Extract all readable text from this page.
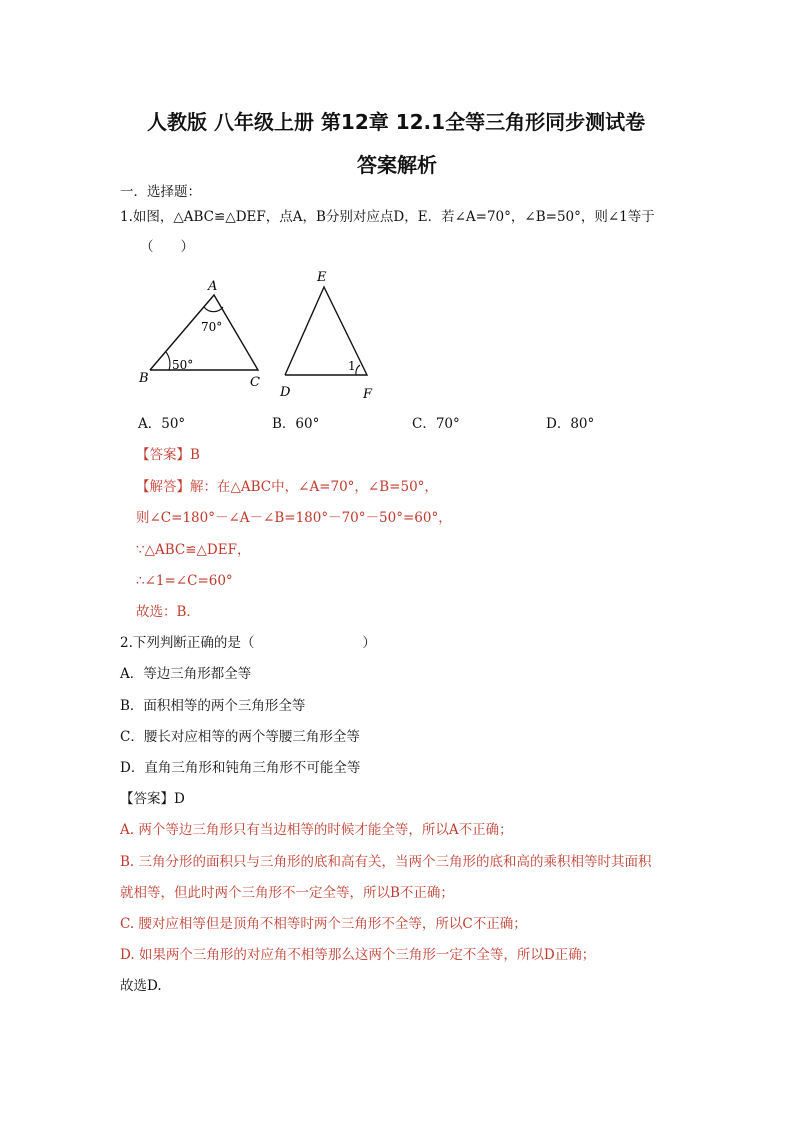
人教版 八年级上册 第12章 12.1全等三角形同步测试卷
答案解析
一．选择题：
1.如图，△ABC≌△DEF，点A，B分别对应点D，E．若∠A=70°，∠B=50°，则∠1等于
（　　）
A
B	C
70°
50°
E
D	F
1
A．50°	B．60°	C．70°	D．80°
【答案】B
【解答】解：在△ABC中，∠A=70°，∠B=50°，
则∠C=180°－∠A－∠B=180°－70°－50°=60°，
∵△ABC≌△DEF，
∴∠1=∠C=60°
故选：B．
2.下列判断正确的是（　　　　　　　　）
A．等边三角形都全等
B．面积相等的两个三角形全等
C．腰长对应相等的两个等腰三角形全等
D．直角三角形和钝角三角形不可能全等
【答案】D
A. 两个等边三角形只有当边相等的时候才能全等，所以A不正确；
B. 三角分形的面积只与三角形的底和高有关，当两个三角形的底和高的乘积相等时其面积
就相等，但此时两个三角形不一定全等，所以B不正确；
C. 腰对应相等但是顶角不相等时两个三角形不全等，所以C不正确；
D. 如果两个三角形的对应角不相等那么这两个三角形一定不全等，所以D正确；
故选D.
